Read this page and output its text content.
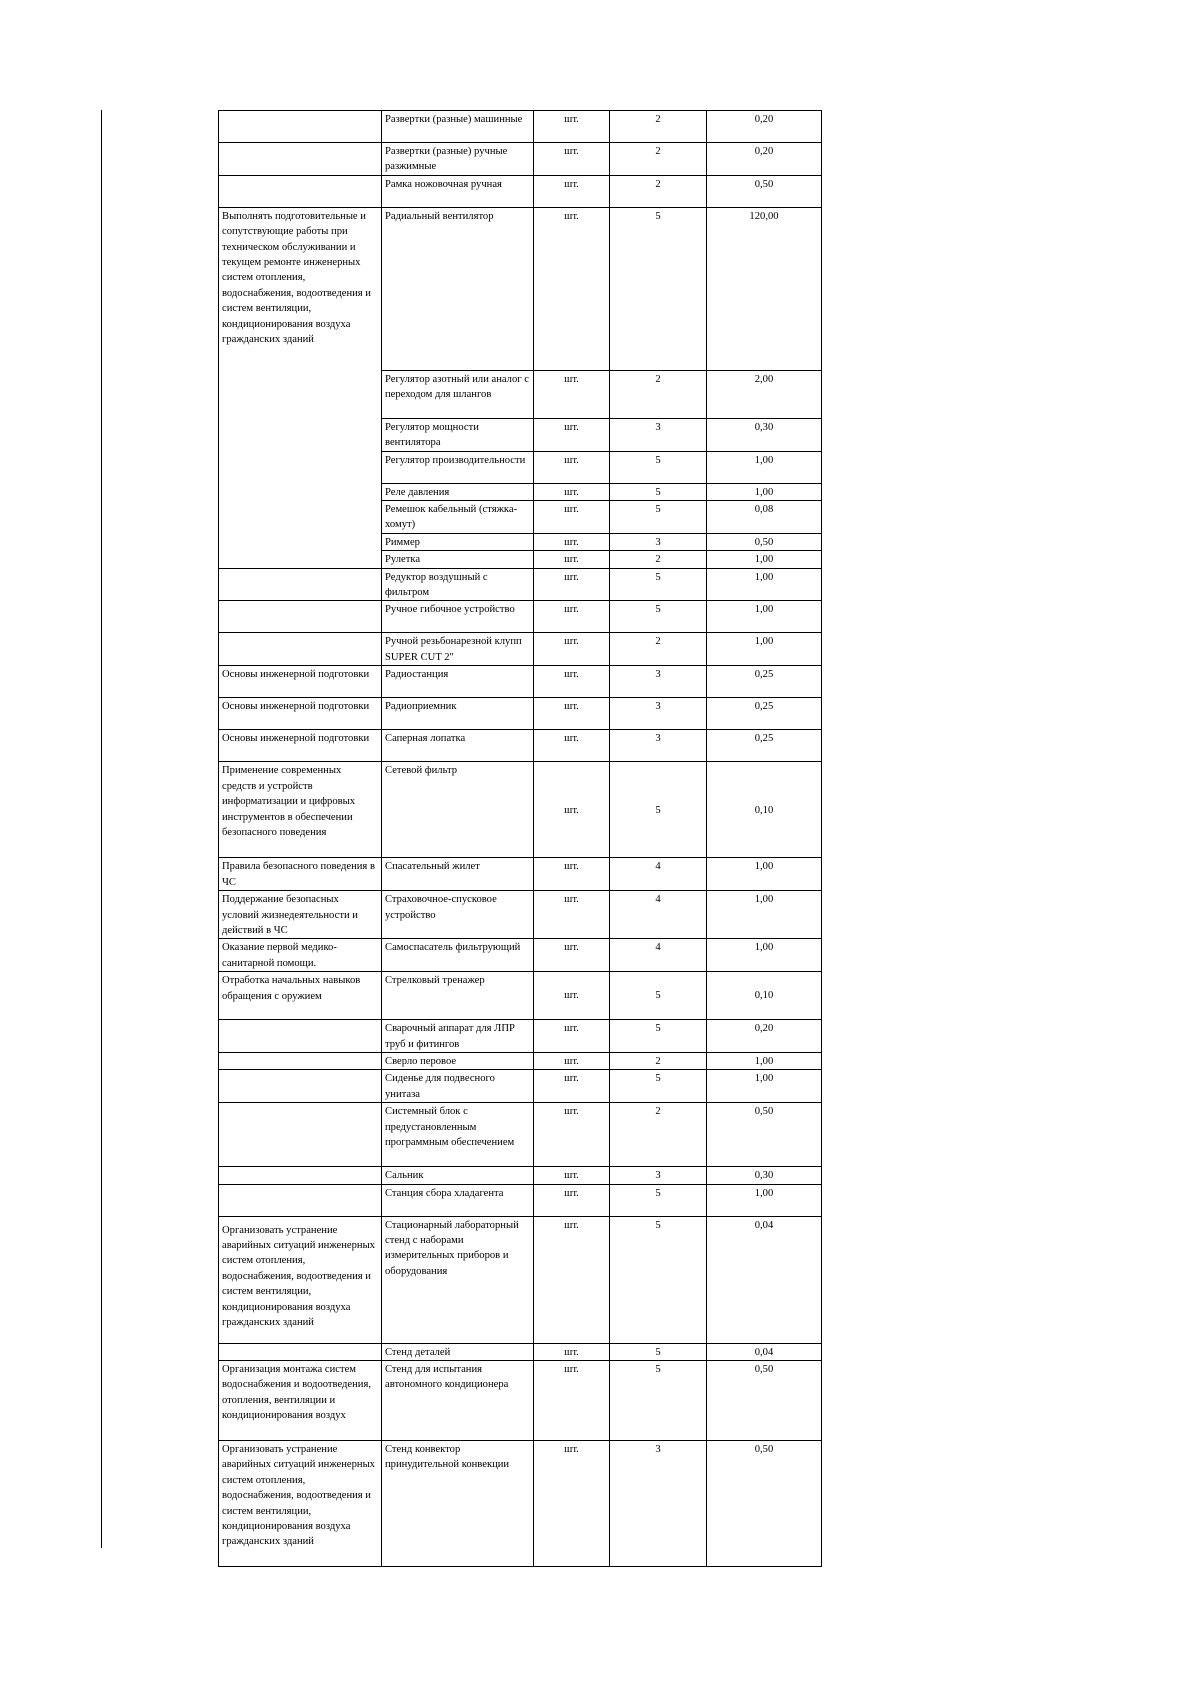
	Развертки (разные) машинные	шт.	2	0,20
	Развертки (разные) ручные разжимные	шт.	2	0,20
	Рамка ножовочная ручная	шт.	2	0,50
Выполнять подготовительные и сопутствующие работы при техническом обслуживании и текущем ремонте инженерных систем отопления, водоснабжения, водоотведения и систем вентиляции, кондиционирования воздуха гражданских зданий	Радиальный вентилятор	шт.	5	120,00
	Регулятор азотный или аналог с переходом для шлангов	шт.	2	2,00
	Регулятор мощности вентилятора	шт.	3	0,30
	Регулятор производительности	шт.	5	1,00
	Реле давления	шт.	5	1,00
	Ремешок кабельный (стяжка-хомут)	шт.	5	0,08
	Риммер	шт.	3	0,50
	Рулетка	шт.	2	1,00
	Редуктор воздушный с фильтром	шт.	5	1,00
	Ручное гибочное устройство	шт.	5	1,00
	Ручной резьбонарезной клупп SUPER CUT 2"	шт.	2	1,00
Основы инженерной подготовки	Радиостанция	шт.	3	0,25
Основы инженерной подготовки	Радиоприемник	шт.	3	0,25
Основы инженерной подготовки	Саперная лопатка	шт.	3	0,25
Применение современных средств и устройств информатизации и цифровых инструментов в обеспечении безопасного поведения	Сетевой фильтр	шт.	5	0,10
Правила безопасного поведения в ЧС	Спасательный жилет	шт.	4	1,00
Поддержание безопасных условий жизнедеятельности и действий в ЧС	Страховочное-спусковое устройство	шт.	4	1,00
Оказание первой медико-санитарной помощи.	Самоспасатель фильтрующий	шт.	4	1,00
Отработка начальных навыков обращения с оружием	Стрелковый тренажер	шт.	5	0,10
	Сварочный аппарат для ЛПР труб и фитингов	шт.	5	0,20
	Сверло перовое	шт.	2	1,00
	Сиденье для подвесного унитаза	шт.	5	1,00
	Системный блок с предустановленным программным обеспечением	шт.	2	0,50
	Сальник	шт.	3	0,30
	Станция сбора хладагента	шт.	5	1,00
Организовать устранение аварийных ситуаций инженерных систем отопления, водоснабжения, водоотведения и систем вентиляции, кондиционирования воздуха гражданских зданий	Стационарный лабораторный стенд с наборами измерительных приборов и оборудования	шт.	5	0,04
	Стенд деталей	шт.	5	0,04
Организация монтажа систем водоснабжения и водоотведения, отопления, вентиляции и кондиционирования воздух	Стенд для испытания автономного кондиционера	шт.	5	0,50
Организовать устранение аварийных ситуаций инженерных систем отопления, водоснабжения, водоотведения и систем вентиляции, кондиционирования воздуха гражданских зданий	Стенд конвектор принудительной конвекции	шт.	3	0,50
